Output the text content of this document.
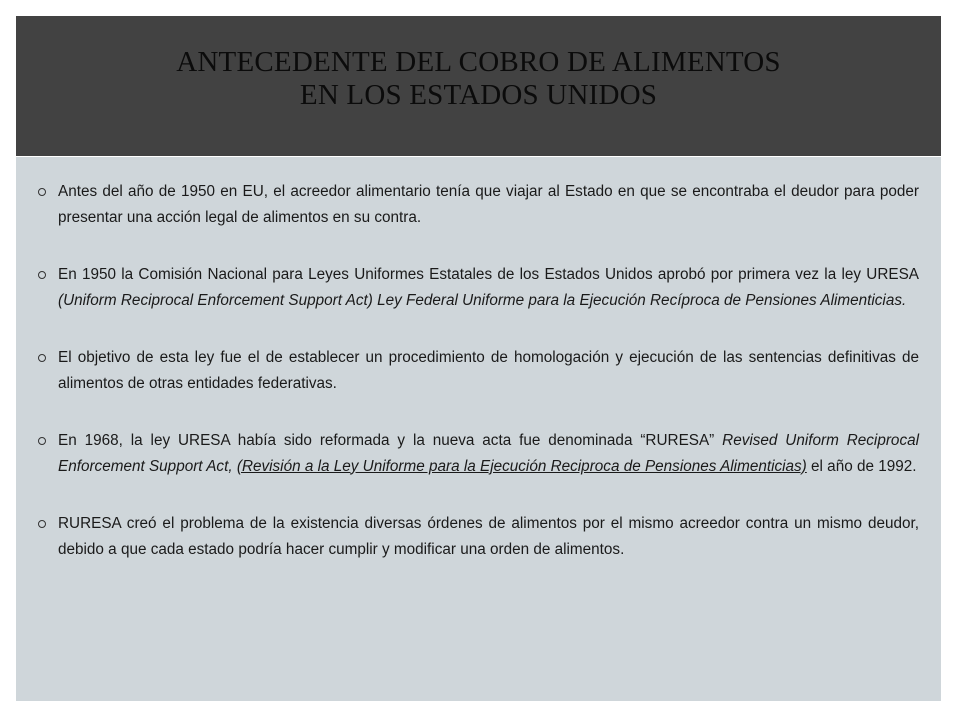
ANTECEDENTE DEL COBRO DE ALIMENTOS
EN LOS ESTADOS UNIDOS
Antes del año de 1950 en EU, el acreedor alimentario tenía que viajar al Estado en que se encontraba el deudor para poder presentar una acción legal de alimentos en su contra.
En 1950 la Comisión Nacional para Leyes Uniformes Estatales de los Estados Unidos aprobó por primera vez la ley URESA (Uniform Reciprocal Enforcement Support Act) Ley Federal Uniforme para la Ejecución Recíproca de Pensiones Alimenticias.
El objetivo de esta ley fue el de establecer un procedimiento de homologación y ejecución de las sentencias definitivas de alimentos de otras entidades federativas.
En 1968, la ley URESA había sido reformada y la nueva acta fue denominada “RURESA” Revised Uniform Reciprocal Enforcement Support Act, (Revisión a la Ley Uniforme para la Ejecución Reciproca de Pensiones Alimenticias) el año de 1992.
RURESA creó el problema de la existencia diversas órdenes de alimentos por el mismo acreedor contra un mismo deudor, debido a que cada estado podría hacer cumplir y modificar una orden de alimentos.
